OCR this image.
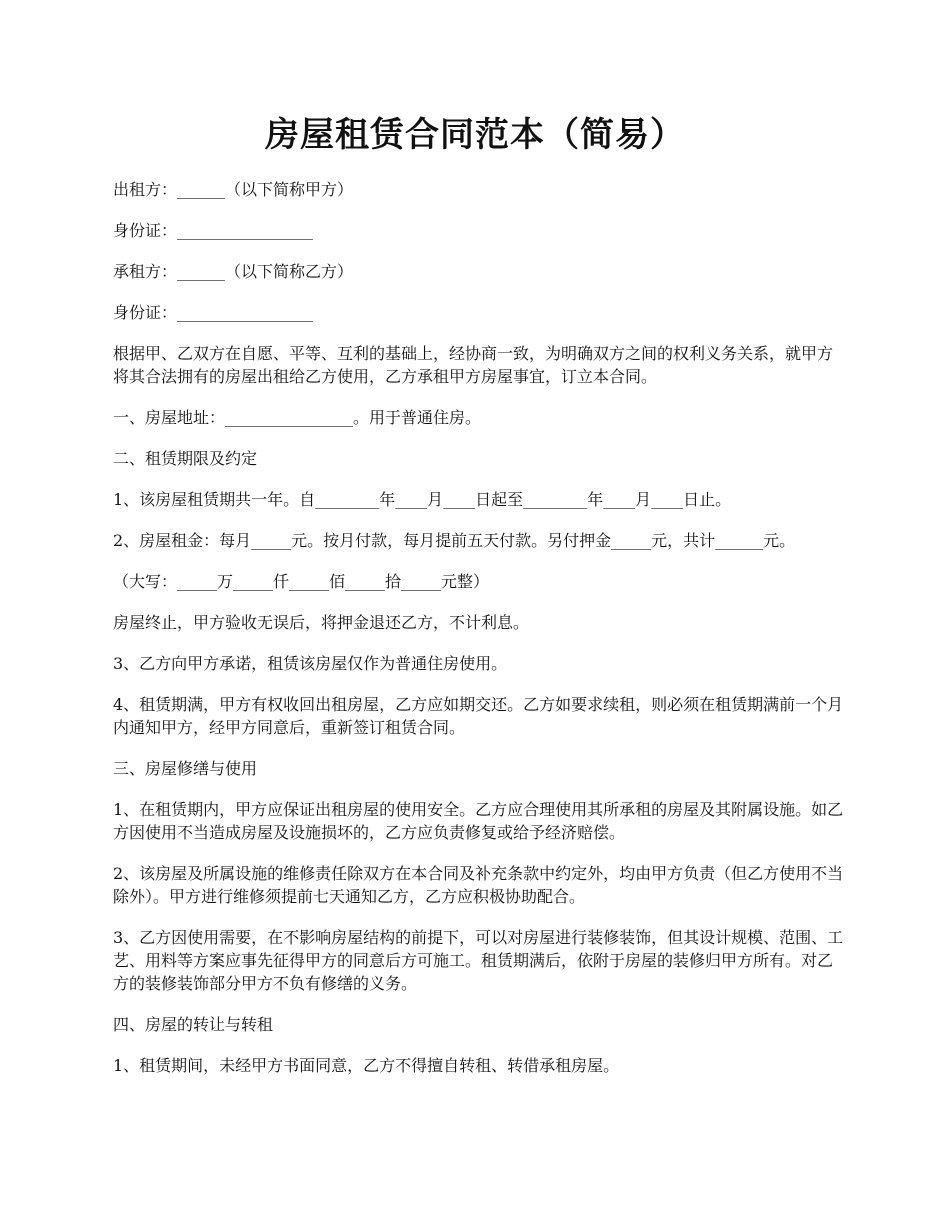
房屋租赁合同范本（简易）

出租方：______（以下简称甲方）

身份证：_________________

承租方：______（以下简称乙方）

身份证：_________________

根据甲、乙双方在自愿、平等、互利的基础上，经协商一致，为明确双方之间的权利义务关系，就甲方将其合法拥有的房屋出租给乙方使用，乙方承租甲方房屋事宜，订立本合同。

一、房屋地址：________________。用于普通住房。

二、租赁期限及约定

1、该房屋租赁期共一年。自________年____月____日起至________年____月____日止。

2、房屋租金：每月_____元。按月付款，每月提前五天付款。另付押金_____元，共计______元。

（大写：_____万_____仟_____佰_____拾_____元整）

房屋终止，甲方验收无误后，将押金退还乙方，不计利息。

3、乙方向甲方承诺，租赁该房屋仅作为普通住房使用。

4、租赁期满，甲方有权收回出租房屋，乙方应如期交还。乙方如要求续租，则必须在租赁期满前一个月内通知甲方，经甲方同意后，重新签订租赁合同。

三、房屋修缮与使用

1、在租赁期内，甲方应保证出租房屋的使用安全。乙方应合理使用其所承租的房屋及其附属设施。如乙方因使用不当造成房屋及设施损坏的，乙方应负责修复或给予经济赔偿。

2、该房屋及所属设施的维修责任除双方在本合同及补充条款中约定外，均由甲方负责（但乙方使用不当除外）。甲方进行维修须提前七天通知乙方，乙方应积极协助配合。

3、乙方因使用需要，在不影响房屋结构的前提下，可以对房屋进行装修装饰，但其设计规模、范围、工艺、用料等方案应事先征得甲方的同意后方可施工。租赁期满后，依附于房屋的装修归甲方所有。对乙方的装修装饰部分甲方不负有修缮的义务。

四、房屋的转让与转租

1、租赁期间，未经甲方书面同意，乙方不得擅自转租、转借承租房屋。
